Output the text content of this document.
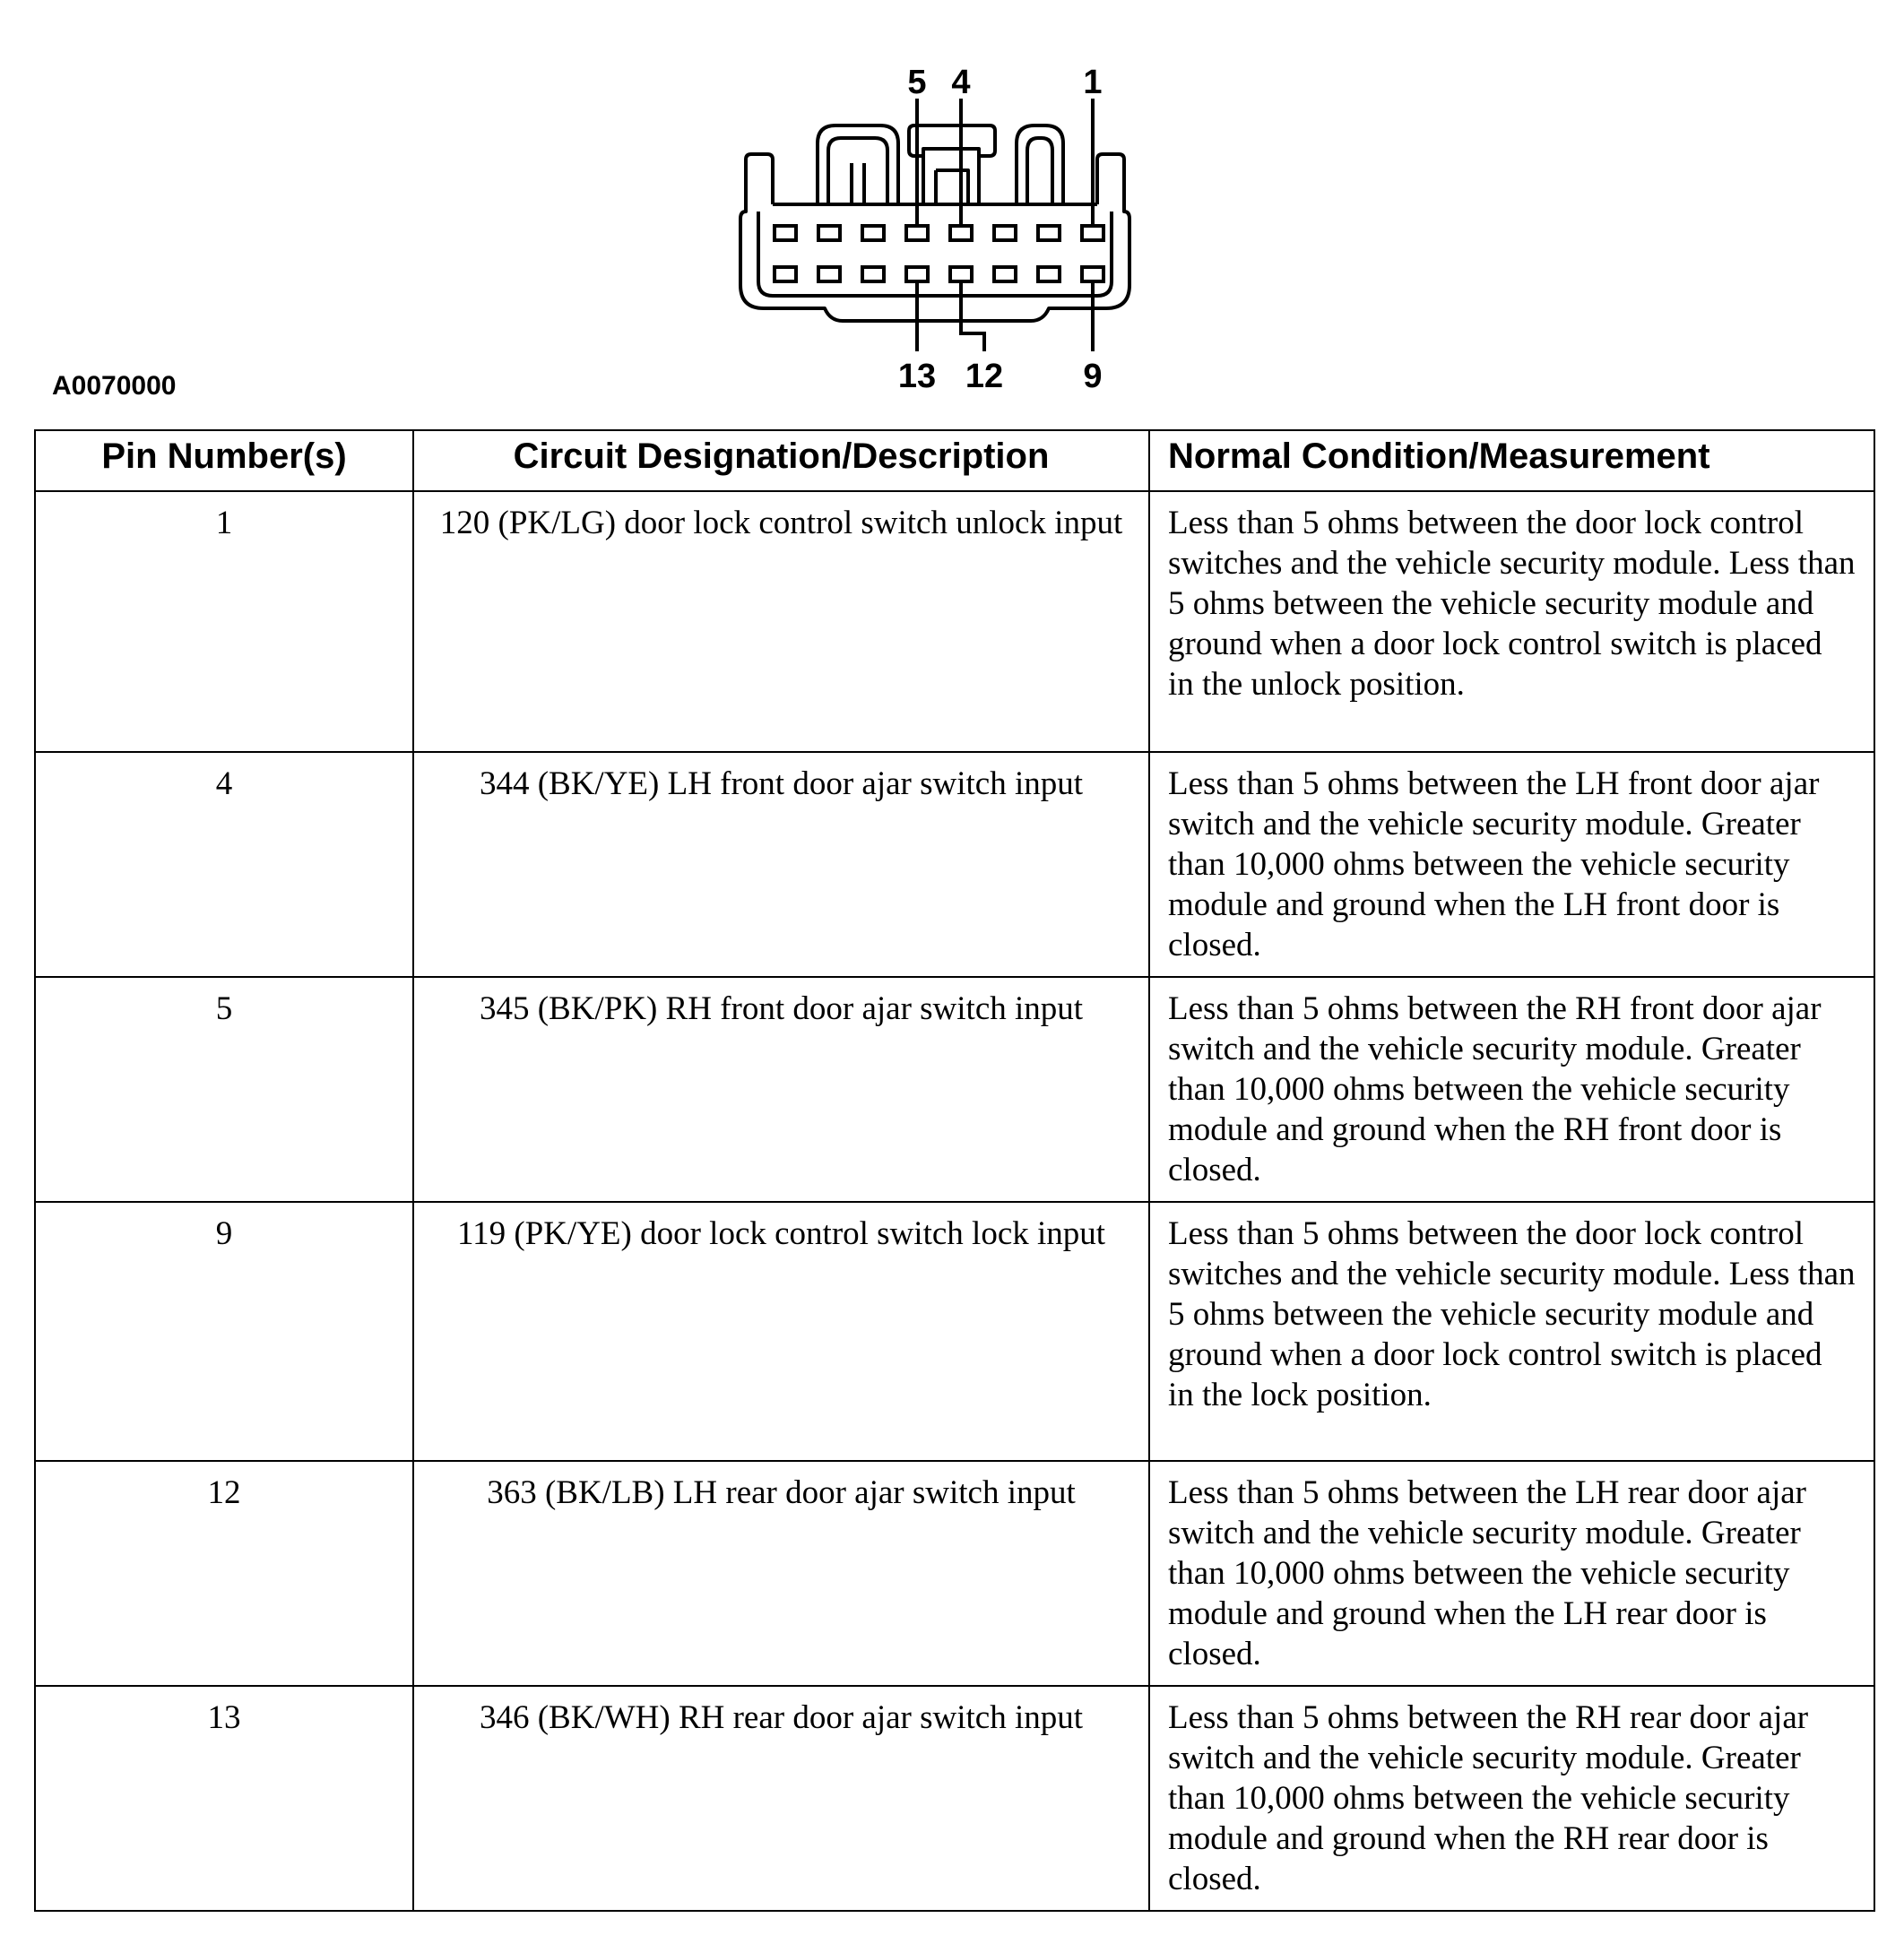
5 4	1
13 12 9
A0070000
Pin Number(s)	Circuit Designation/Description	Normal Condition/Measurement
1	120 (PK/LG) door lock control switch unlock input	Less than 5 ohms between the door lock control switches and the vehicle security module. Less than 5 ohms between the vehicle security module and ground when a door lock control switch is placed in the unlock position.
4	344 (BK/YE) LH front door ajar switch input	Less than 5 ohms between the LH front door ajar switch and the vehicle security module. Greater than 10,000 ohms between the vehicle security module and ground when the LH front door is closed.
5	345 (BK/PK) RH front door ajar switch input	Less than 5 ohms between the RH front door ajar switch and the vehicle security module. Greater than 10,000 ohms between the vehicle security module and ground when the RH front door is closed.
9	119 (PK/YE) door lock control switch lock input	Less than 5 ohms between the door lock control switches and the vehicle security module. Less than 5 ohms between the vehicle security module and ground when a door lock control switch is placed in the lock position.
12	363 (BK/LB) LH rear door ajar switch input	Less than 5 ohms between the LH rear door ajar switch and the vehicle security module. Greater than 10,000 ohms between the vehicle security module and ground when the LH rear door is closed.
13	346 (BK/WH) RH rear door ajar switch input	Less than 5 ohms between the RH rear door ajar switch and the vehicle security module. Greater than 10,000 ohms between the vehicle security module and ground when the RH rear door is closed.
